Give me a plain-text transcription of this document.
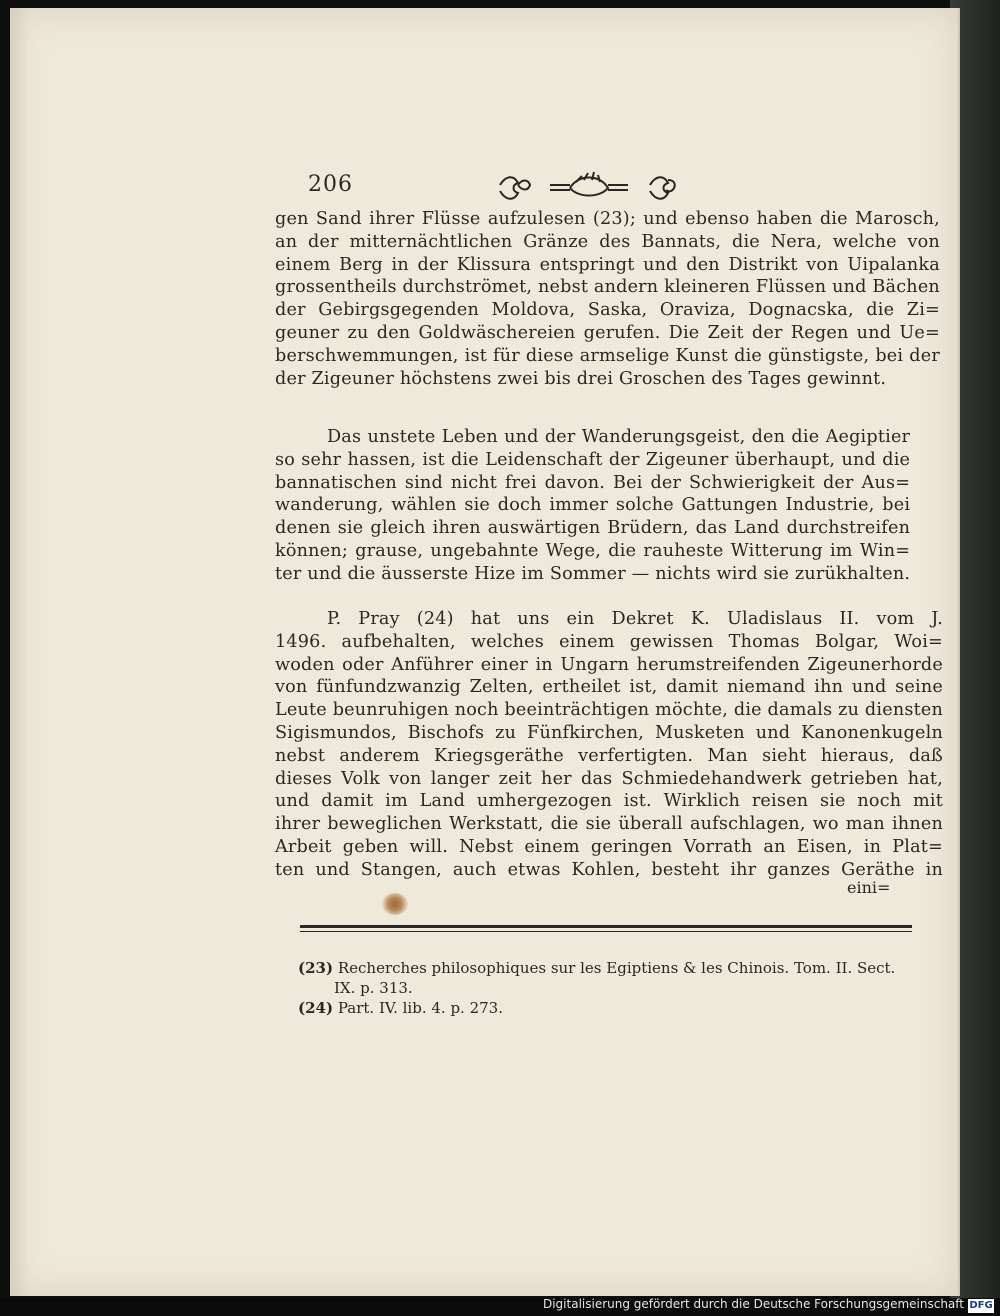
206

gen Sand ihrer Flüsse aufzulesen (23); und ebenso haben die Marosch,
an der mitternächtlichen Gränze des Bannats, die Nera, welche von
einem Berg in der Klissura entspringt und den Distrikt von Uipalanka
grossentheils durchströmet, nebst andern kleineren Flüssen und Bächen
der Gebirgsgegenden Moldova, Saska, Oraviza, Dognacska, die Zi=
geuner zu den Goldwäschereien gerufen. Die Zeit der Regen und Ue=
berschwemmungen, ist für diese armselige Kunst die günstigste, bei der
der Zigeuner höchstens zwei bis drei Groschen des Tages gewinnt.

Das unstete Leben und der Wanderungsgeist, den die Aegiptier
so sehr hassen, ist die Leidenschaft der Zigeuner überhaupt, und die
bannatischen sind nicht frei davon. Bei der Schwierigkeit der Aus=
wanderung, wählen sie doch immer solche Gattungen Industrie, bei
denen sie gleich ihren auswärtigen Brüdern, das Land durchstreifen
können; grause, ungebahnte Wege, die rauheste Witterung im Win=
ter und die äusserste Hize im Sommer — nichts wird sie zurükhalten.

P. Pray (24) hat uns ein Dekret K. Uladislaus II. vom J.
1496. aufbehalten, welches einem gewissen Thomas Bolgar, Woi=
woden oder Anführer einer in Ungarn herumstreifenden Zigeunerhorde
von fünfundzwanzig Zelten, ertheilet ist, damit niemand ihn und seine
Leute beunruhigen noch beeinträchtigen möchte, die damals zu diensten
Sigismundos, Bischofs zu Fünfkirchen, Musketen und Kanonenkugeln
nebst anderem Kriegsgeräthe verfertigten. Man sieht hieraus, daß
dieses Volk von langer zeit her das Schmiedehandwerk getrieben hat,
und damit im Land umhergezogen ist. Wirklich reisen sie noch mit
ihrer beweglichen Werkstatt, die sie überall aufschlagen, wo man ihnen
Arbeit geben will. Nebst einem geringen Vorrath an Eisen, in Plat=
ten und Stangen, auch etwas Kohlen, besteht ihr ganzes Geräthe in

eini=
(23) Recherches philosophiques sur les Egiptiens & les Chinois. Tom. II. Sect.
IX. p. 313.
(24) Part. IV. lib. 4. p. 273.
Digitalisierung gefördert durch die Deutsche Forschungsgemeinschaft DFG
